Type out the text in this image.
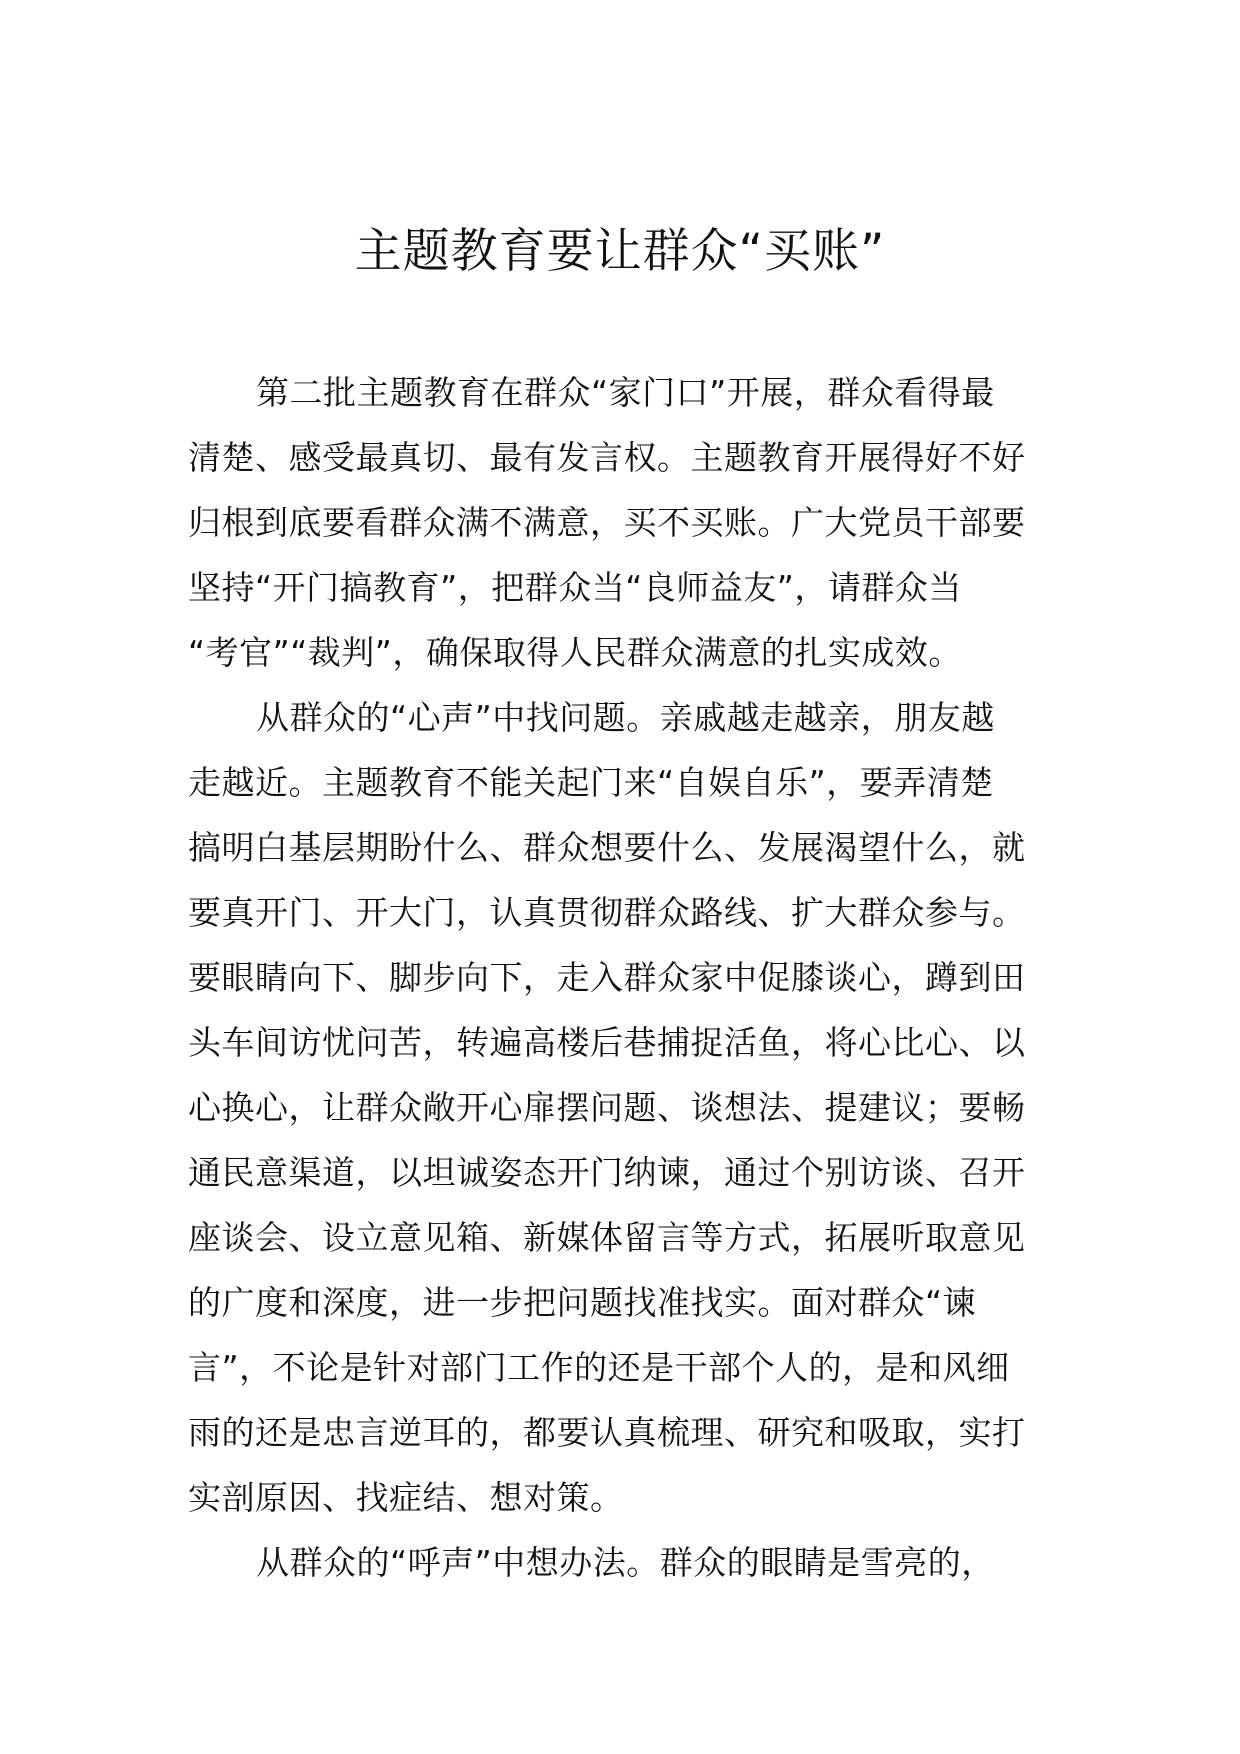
主题教育要让群众“买账”
第二批主题教育在群众“家门口”开展，群众看得最
清楚、感受最真切、最有发言权。主题教育开展得好不好
归根到底要看群众满不满意，买不买账。广大党员干部要
坚持“开门搞教育”，把群众当“良师益友”，请群众当
“考官”“裁判”，确保取得人民群众满意的扎实成效。
从群众的“心声”中找问题。亲戚越走越亲，朋友越
走越近。主题教育不能关起门来“自娱自乐”，要弄清楚
搞明白基层期盼什么、群众想要什么、发展渴望什么，就
要真开门、开大门，认真贯彻群众路线、扩大群众参与。
要眼睛向下、脚步向下，走入群众家中促膝谈心，蹲到田
头车间访忧问苦，转遍高楼后巷捕捉活鱼，将心比心、以
心换心，让群众敞开心扉摆问题、谈想法、提建议；要畅
通民意渠道，以坦诚姿态开门纳谏，通过个别访谈、召开
座谈会、设立意见箱、新媒体留言等方式，拓展听取意见
的广度和深度，进一步把问题找准找实。面对群众“谏
言”，不论是针对部门工作的还是干部个人的，是和风细
雨的还是忠言逆耳的，都要认真梳理、研究和吸取，实打
实剖原因、找症结、想对策。
从群众的“呼声”中想办法。群众的眼睛是雪亮的，
